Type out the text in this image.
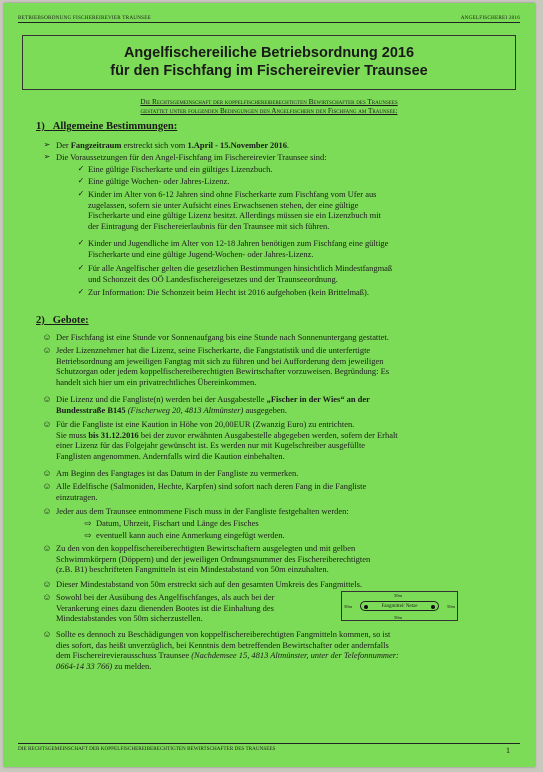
BETRIEBSORDNUNG FISCHEREIREVIER TRAUNSEE	ANGELFISCHEREI 2016
Angelfischereiliche Betriebsordnung 2016
für den Fischfang im Fischereirevier Traunsee
Die Rechtsgemeinschaft der koppelfischereiberechtigten Bewirtschafter des Traunsees
gestattet unter folgenden Bedingungen den Angelfischern den Fischfang am Traunsee:
1) Allgemeine Bestimmungen:
➢ Der Fangzeitraum erstreckt sich vom 1.April - 15.November 2016.
➢ Die Voraussetzungen für den Angel-Fischfang im Fischereirevier Traunsee sind:
✓ Eine gültige Fischerkarte und ein gültiges Lizenzbuch.
✓ Eine gültige Wochen- oder Jahres-Lizenz.
✓ Kinder im Alter von 6-12 Jahren sind ohne Fischerkarte zum Fischfang vom Ufer aus
zugelassen, sofern sie unter Aufsicht eines Erwachsenen stehen, der eine gültige
Fischerkarte und eine gültige Lizenz besitzt. Allerdings müssen sie ein Lizenzbuch mit
der Eintragung der Fischereierlaubnis für den Traunsee mit sich führen.
✓ Kinder und Jugendliche im Alter von 12-18 Jahren benötigen zum Fischfang eine gültige
Fischerkarte und eine gültige Jugend-Wochen- oder Jahres-Lizenz.
✓ Für alle Angelfischer gelten die gesetzlichen Bestimmungen hinsichtlich Mindestfangmaß
und Schonzeit des OÖ Landesfischereigesetzes und der Traunseeordnung.
✓ Zur Information: Die Schonzeit beim Hecht ist 2016 aufgehoben (kein Brittelmaß).
2) Gebote:
☺ Der Fischfang ist eine Stunde vor Sonnenaufgang bis eine Stunde nach Sonnenuntergang gestattet.
☺ Jeder Lizenznehmer hat die Lizenz, seine Fischerkarte, die Fangstatistik und die unterfertigte
Betriebsordnung am jeweiligen Fangtag mit sich zu führen und bei Aufforderung dem jeweiligen
Schutzorgan oder jedem koppelfischereiberechtigten Bewirtschafter vorzuweisen. Begründung: Es
handelt sich hier um ein privatrechtliches Übereinkommen.
☺ Die Lizenz und die Fangliste(n) werden bei der Ausgabestelle „Fischer in der Wies“ an der
Bundesstraße B145 (Fischerweg 20, 4813 Altmünster) ausgegeben.
☺ Für die Fangliste ist eine Kaution in Höhe von 20,00EUR (Zwanzig Euro) zu entrichten.
Sie muss bis 31.12.2016 bei der zuvor erwähnten Ausgabestelle abgegeben werden, sofern der Erhalt
einer Lizenz für das Folgejahr gewünscht ist. Es werden nur mit Kugelschreiber ausgefüllte
Fanglisten angenommen. Andernfalls wird die Kaution einbehalten.
☺ Am Beginn des Fangtages ist das Datum in der Fangliste zu vermerken.
☺ Alle Edelfische (Salmoniden, Hechte, Karpfen) sind sofort nach deren Fang in die Fangliste
einzutragen.
☺ Jeder aus dem Traunsee entnommene Fisch muss in der Fangliste festgehalten werden:
⇨ Datum, Uhrzeit, Fischart und Länge des Fisches
⇨ eventuell kann auch eine Anmerkung eingefügt werden.
☺ Zu den von den koppelfischereiberechtigten Bewirtschaftern ausgelegten und mit gelben
Schwimmkörpern (Döppern) und der jeweiligen Ordnungsnummer des Fischereiberechtigten
(z.B. B1) beschrifteten Fangmitteln ist ein Mindestabstand von 50m einzuhalten.
☺ Dieser Mindestabstand von 50m erstreckt sich auf den gesamten Umkreis des Fangmittels.
☺ Sowohl bei der Ausübung des Angelfischfanges, als auch bei der
Verankerung eines dazu dienenden Bootes ist die Einhaltung des
Mindestabstandes von 50m sicherzustellen.
50m
50m	50m
50m
Fangmittel/ Netze
☺ Sollte es dennoch zu Beschädigungen von koppelfischereiberechtigten Fangmitteln kommen, so ist
dies sofort, das heißt unverzüglich, bei Kenntnis dem betreffenden Bewirtschafter oder andernfalls
dem Fischereirevierausschuss Traunsee (Nachdemsee 15, 4813 Altmünster, unter der Telefonnummer:
0664-14 33 766) zu melden.
DIE RECHTSGEMEINSCHAFT DER KOPPELFISCHEREIBERECHTIGTEN BEWIRTSCHAFTER DES TRAUNSEES	1
